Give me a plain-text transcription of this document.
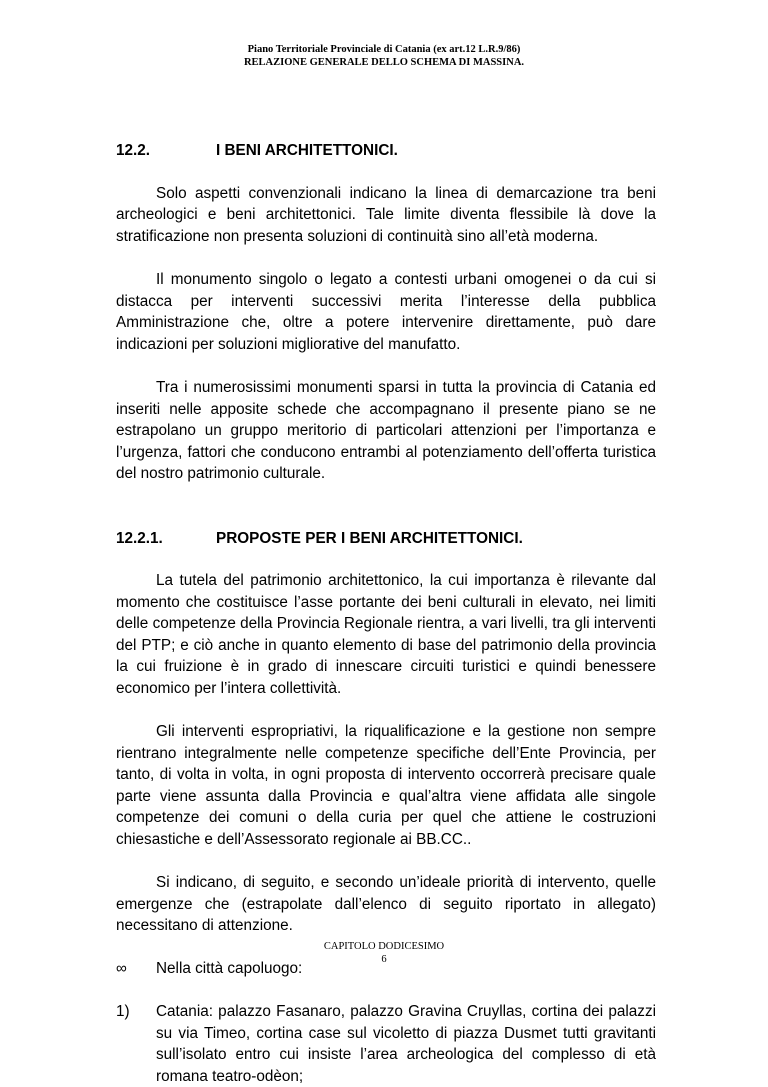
Piano Territoriale Provinciale di Catania (ex art.12 L.R.9/86)
RELAZIONE GENERALE DELLO SCHEMA DI MASSINA.
12.2.	I BENI ARCHITETTONICI.

Solo aspetti convenzionali indicano la linea di demarcazione tra beni archeologici e beni architettonici. Tale limite diventa flessibile là dove la stratificazione non presenta soluzioni di continuità sino all’età moderna.

Il monumento singolo o legato a contesti urbani omogenei o da cui si distacca per interventi successivi merita l’interesse della pubblica Amministrazione che, oltre a potere intervenire direttamente, può dare indicazioni per soluzioni migliorative del manufatto.

Tra i numerosissimi monumenti sparsi in tutta la provincia di Catania ed inseriti nelle apposite schede che accompagnano il presente piano se ne estrapolano un gruppo meritorio di particolari attenzioni per l’importanza e l’urgenza, fattori che conducono entrambi al potenziamento dell’offerta turistica del nostro patrimonio culturale.

12.2.1.	PROPOSTE PER I BENI ARCHITETTONICI.

La tutela del patrimonio architettonico, la cui importanza è rilevante dal momento che costituisce l’asse portante dei beni culturali in elevato, nei limiti delle competenze della Provincia Regionale rientra, a vari livelli, tra gli interventi del PTP; e ciò anche in quanto elemento di base del patrimonio della provincia la cui fruizione è in grado di innescare circuiti turistici e quindi benessere economico per l’intera collettività.

Gli interventi espropriativi, la riqualificazione e la gestione non sempre rientrano integralmente nelle competenze specifiche dell’Ente Provincia, per tanto, di volta in volta, in ogni proposta di intervento occorrerà precisare quale parte viene assunta dalla Provincia e qual’altra viene affidata alle singole competenze dei comuni o della curia per quel che attiene le costruzioni chiesastiche e dell’Assessorato regionale ai BB.CC..

Si indicano, di seguito, e secondo un’ideale priorità di intervento, quelle emergenze che (estrapolate dall’elenco di seguito riportato in allegato) necessitano di attenzione.

∞	Nella città capoluogo:
1)	Catania: palazzo Fasanaro, palazzo Gravina Cruyllas, cortina dei palazzi su via Timeo, cortina case sul vicoletto di piazza Dusmet tutti gravitanti sull’isolato entro cui insiste l’area archeologica del complesso di età romana teatro-odèon;
CAPITOLO DODICESIMO
6
